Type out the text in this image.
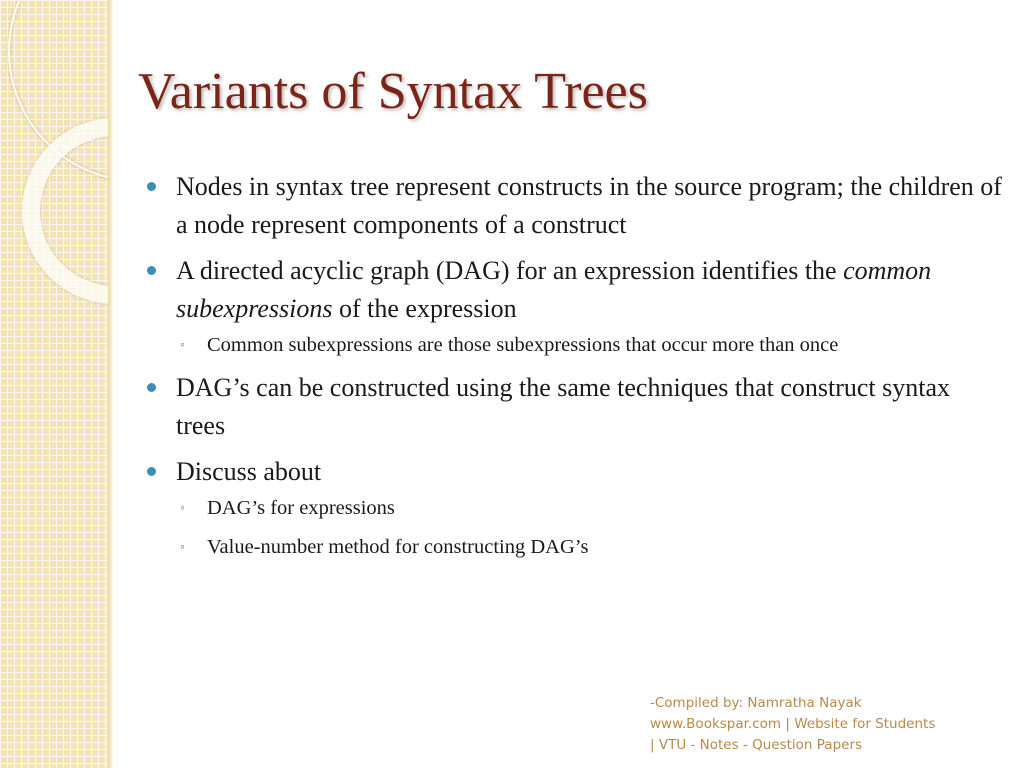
Variants of Syntax Trees
Nodes in syntax tree represent constructs in the source program; the children of a node represent components of a construct
A directed acyclic graph (DAG) for an expression identifies the common subexpressions of the expression
◦ Common subexpressions are those subexpressions that occur more than once
DAG’s can be constructed using the same techniques that construct syntax trees
Discuss about
◦ DAG’s for expressions
◦ Value-number method for constructing DAG’s
-Compiled by: Namratha Nayak
www.Bookspar.com | Website for Students
| VTU - Notes - Question Papers
